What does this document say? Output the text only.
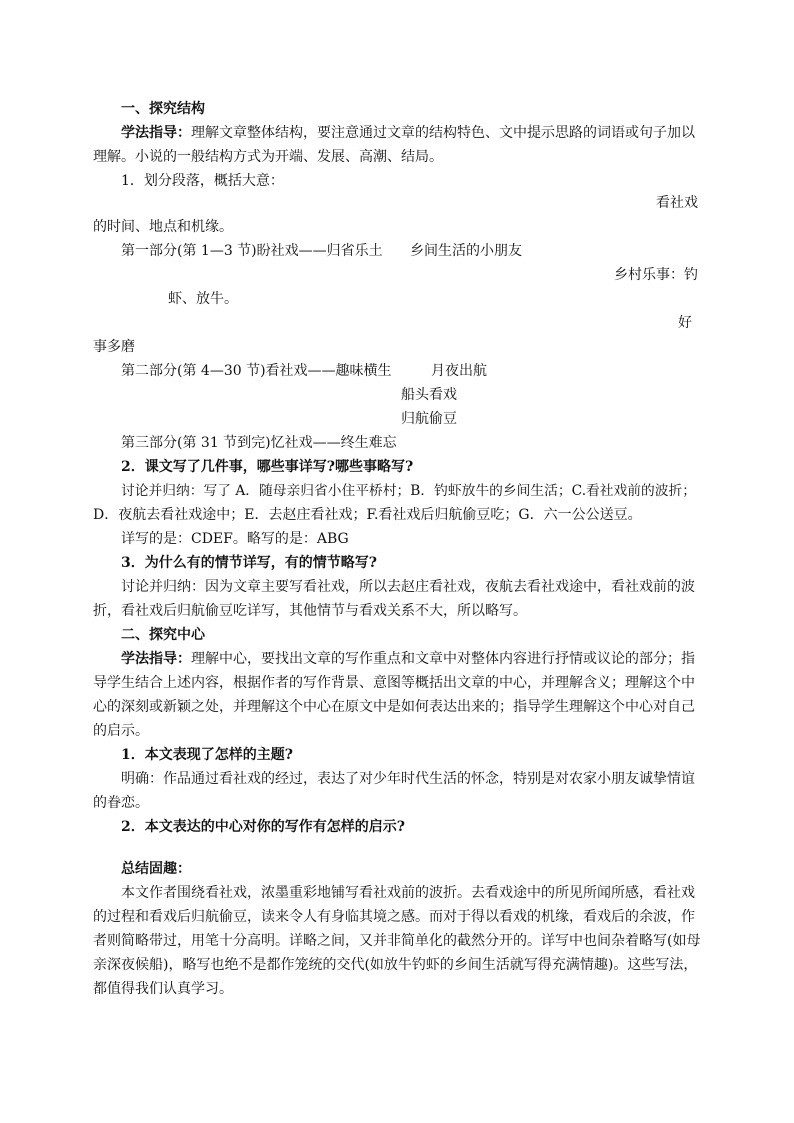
一、探究结构
学法指导：理解文章整体结构，要注意通过文章的结构特色、文中提示思路的词语或句子加以
理解。小说的一般结构方式为开端、发展、高潮、结局。
1．划分段落，概括大意：
看社戏
的时间、地点和机缘。
第一部分(第 1—3 节)盼社戏——归省乐土 乡间生活的小朋友
乡村乐事：钓
虾、放牛。
好
事多磨
第二部分(第 4—30 节)看社戏——趣味横生	月夜出航
船头看戏
归航偷豆
第三部分(第 31 节到完)忆社戏——终生难忘
2．课文写了几件事，哪些事详写?哪些事略写?
讨论并归纳：写了 A．随母亲归省小住平桥村；B．钓虾放牛的乡间生活；C.看社戏前的波折；
D．夜航去看社戏途中；E．去赵庄看社戏；F.看社戏后归航偷豆吃；G．六一公公送豆。
详写的是：CDEF。略写的是：ABG
3．为什么有的情节详写，有的情节略写?
讨论并归纳：因为文章主要写看社戏，所以去赵庄看社戏，夜航去看社戏途中，看社戏前的波
折，看社戏后归航偷豆吃详写，其他情节与看戏关系不大，所以略写。
二、探究中心
学法指导：理解中心，要找出文章的写作重点和文章中对整体内容进行抒情或议论的部分；指
导学生结合上述内容，根据作者的写作背景、意图等概括出文章的中心，并理解含义；理解这个中
心的深刻或新颖之处，并理解这个中心在原文中是如何表达出来的；指导学生理解这个中心对自己
的启示。
1．本文表现了怎样的主题?
明确：作品通过看社戏的经过，表达了对少年时代生活的怀念，特别是对农家小朋友诚挚情谊
的眷恋。
2．本文表达的中心对你的写作有怎样的启示?
总结固趣：
本文作者围绕看社戏，浓墨重彩地铺写看社戏前的波折。去看戏途中的所见所闻所感，看社戏
的过程和看戏后归航偷豆，读来令人有身临其境之感。而对于得以看戏的机缘，看戏后的余波，作
者则简略带过，用笔十分高明。详略之间，又并非简单化的截然分开的。详写中也间杂着略写(如母
亲深夜候船)，略写也绝不是都作笼统的交代(如放牛钓虾的乡间生活就写得充满情趣)。这些写法，
都值得我们认真学习。
